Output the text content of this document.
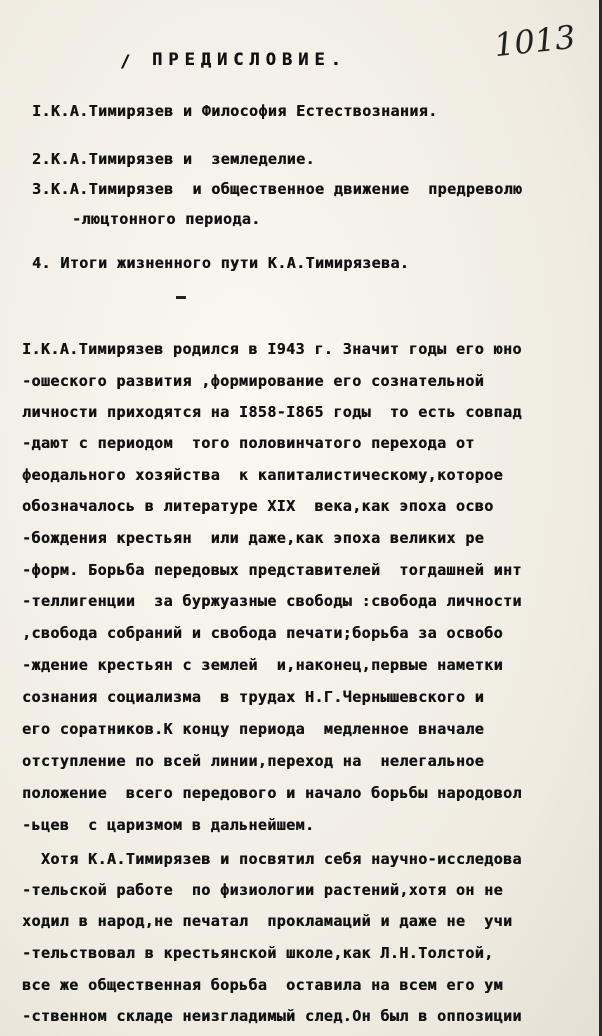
1013
/ ПРЕДИСЛОВИЕ.
I.К.А.Тимирязев и Философия Естествознания.
2.К.А.Тимирязев и  земледелие.
3.К.А.Тимирязев  и общественное движение  предреволю
-люцтонного периода.
4. Итоги жизненного пути К.А.Тимирязева.
I.К.А.Тимирязев родился в I943 г. Значит годы его юно
-ошеского развития ,формирование его сознательной
личности приходятся на I858-I865 годы  то есть совпад
-дают с периодом  того половинчатого перехода от
феодального хозяйства  к капиталистическому,которое
обозначалось в литературе XIX  века,как эпоха осво
-бождения крестьян  или даже,как эпоха великих ре
-форм. Борьба передовых представителей  тогдашней инт
-теллигенции  за буржуазные свободы :свобода личности
,свобода собраний и свобода печати;борьба за освобо
-ждение крестьян с землей  и,наконец,первые наметки
сознания социализма  в трудах Н.Г.Чернышевского и
его соратников.К концу периода  медленное вначале
отступление по всей линии,переход на  нелегальное
положение  всего передового и начало борьбы народовол
-ьцев  с царизмом в дальнейшем.
Хотя К.А.Тимирязев и посвятил себя научно-исследова
-тельской работе  по физиологии растений,хотя он не
ходил в народ,не печатал  прокламаций и даже не  учи
-тельствовал в крестьянской школе,как Л.Н.Толстой,
все же общественная борьба  оставила на всем его ум
-ственном складе неизгладимый след.Он был в оппозиции
